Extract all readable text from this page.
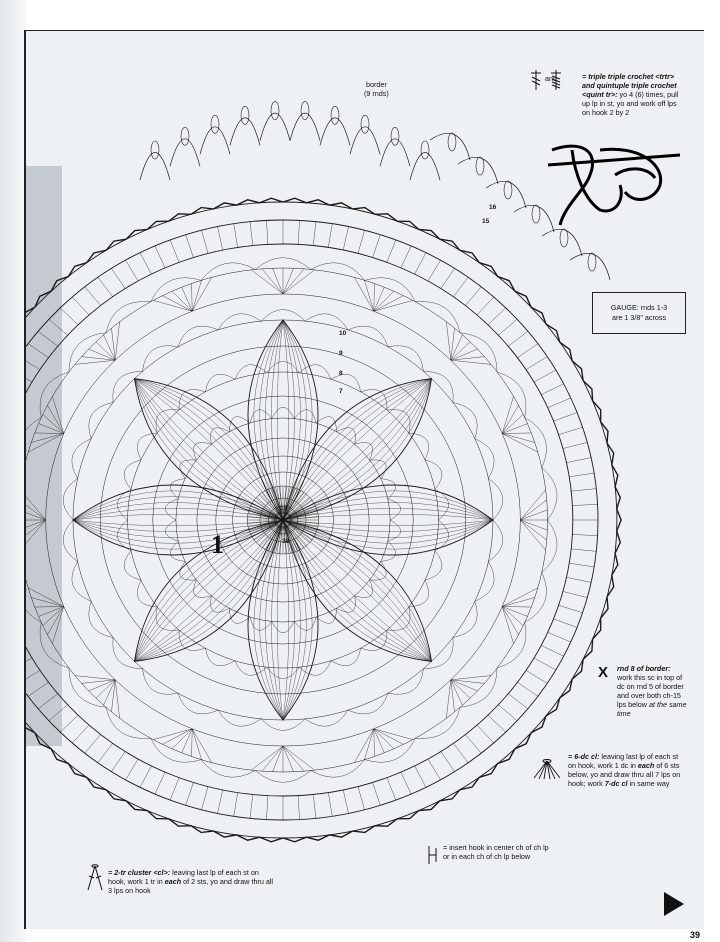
and	= triple triple crochet <trtr> and quintuple triple crochet <quint tr>: yo 4 (6) times, pull up lp in st, yo and work off lps on hook 2 by 2
border
(9 rnds)
GAUGE: rnds 1-3
are 1 3/8" across
1
16
15
10
9
8
7
10
38
X rnd 8 of border: work this sc in top of dc on rnd 5 of border and over both ch-15 lps below at the same time
= 6-dc cl: leaving last lp of each st on hook, work 1 dc in each of 6 sts below, yo and draw thru all 7 lps on hook; work 7-dc cl in same way
= insert hook in center ch of ch lp or in each ch of ch lp below
= 2-tr cluster <cl>: leaving last lp of each st on hook, work 1 tr in each of 2 sts, yo and draw thru all 3 lps on hook
39
